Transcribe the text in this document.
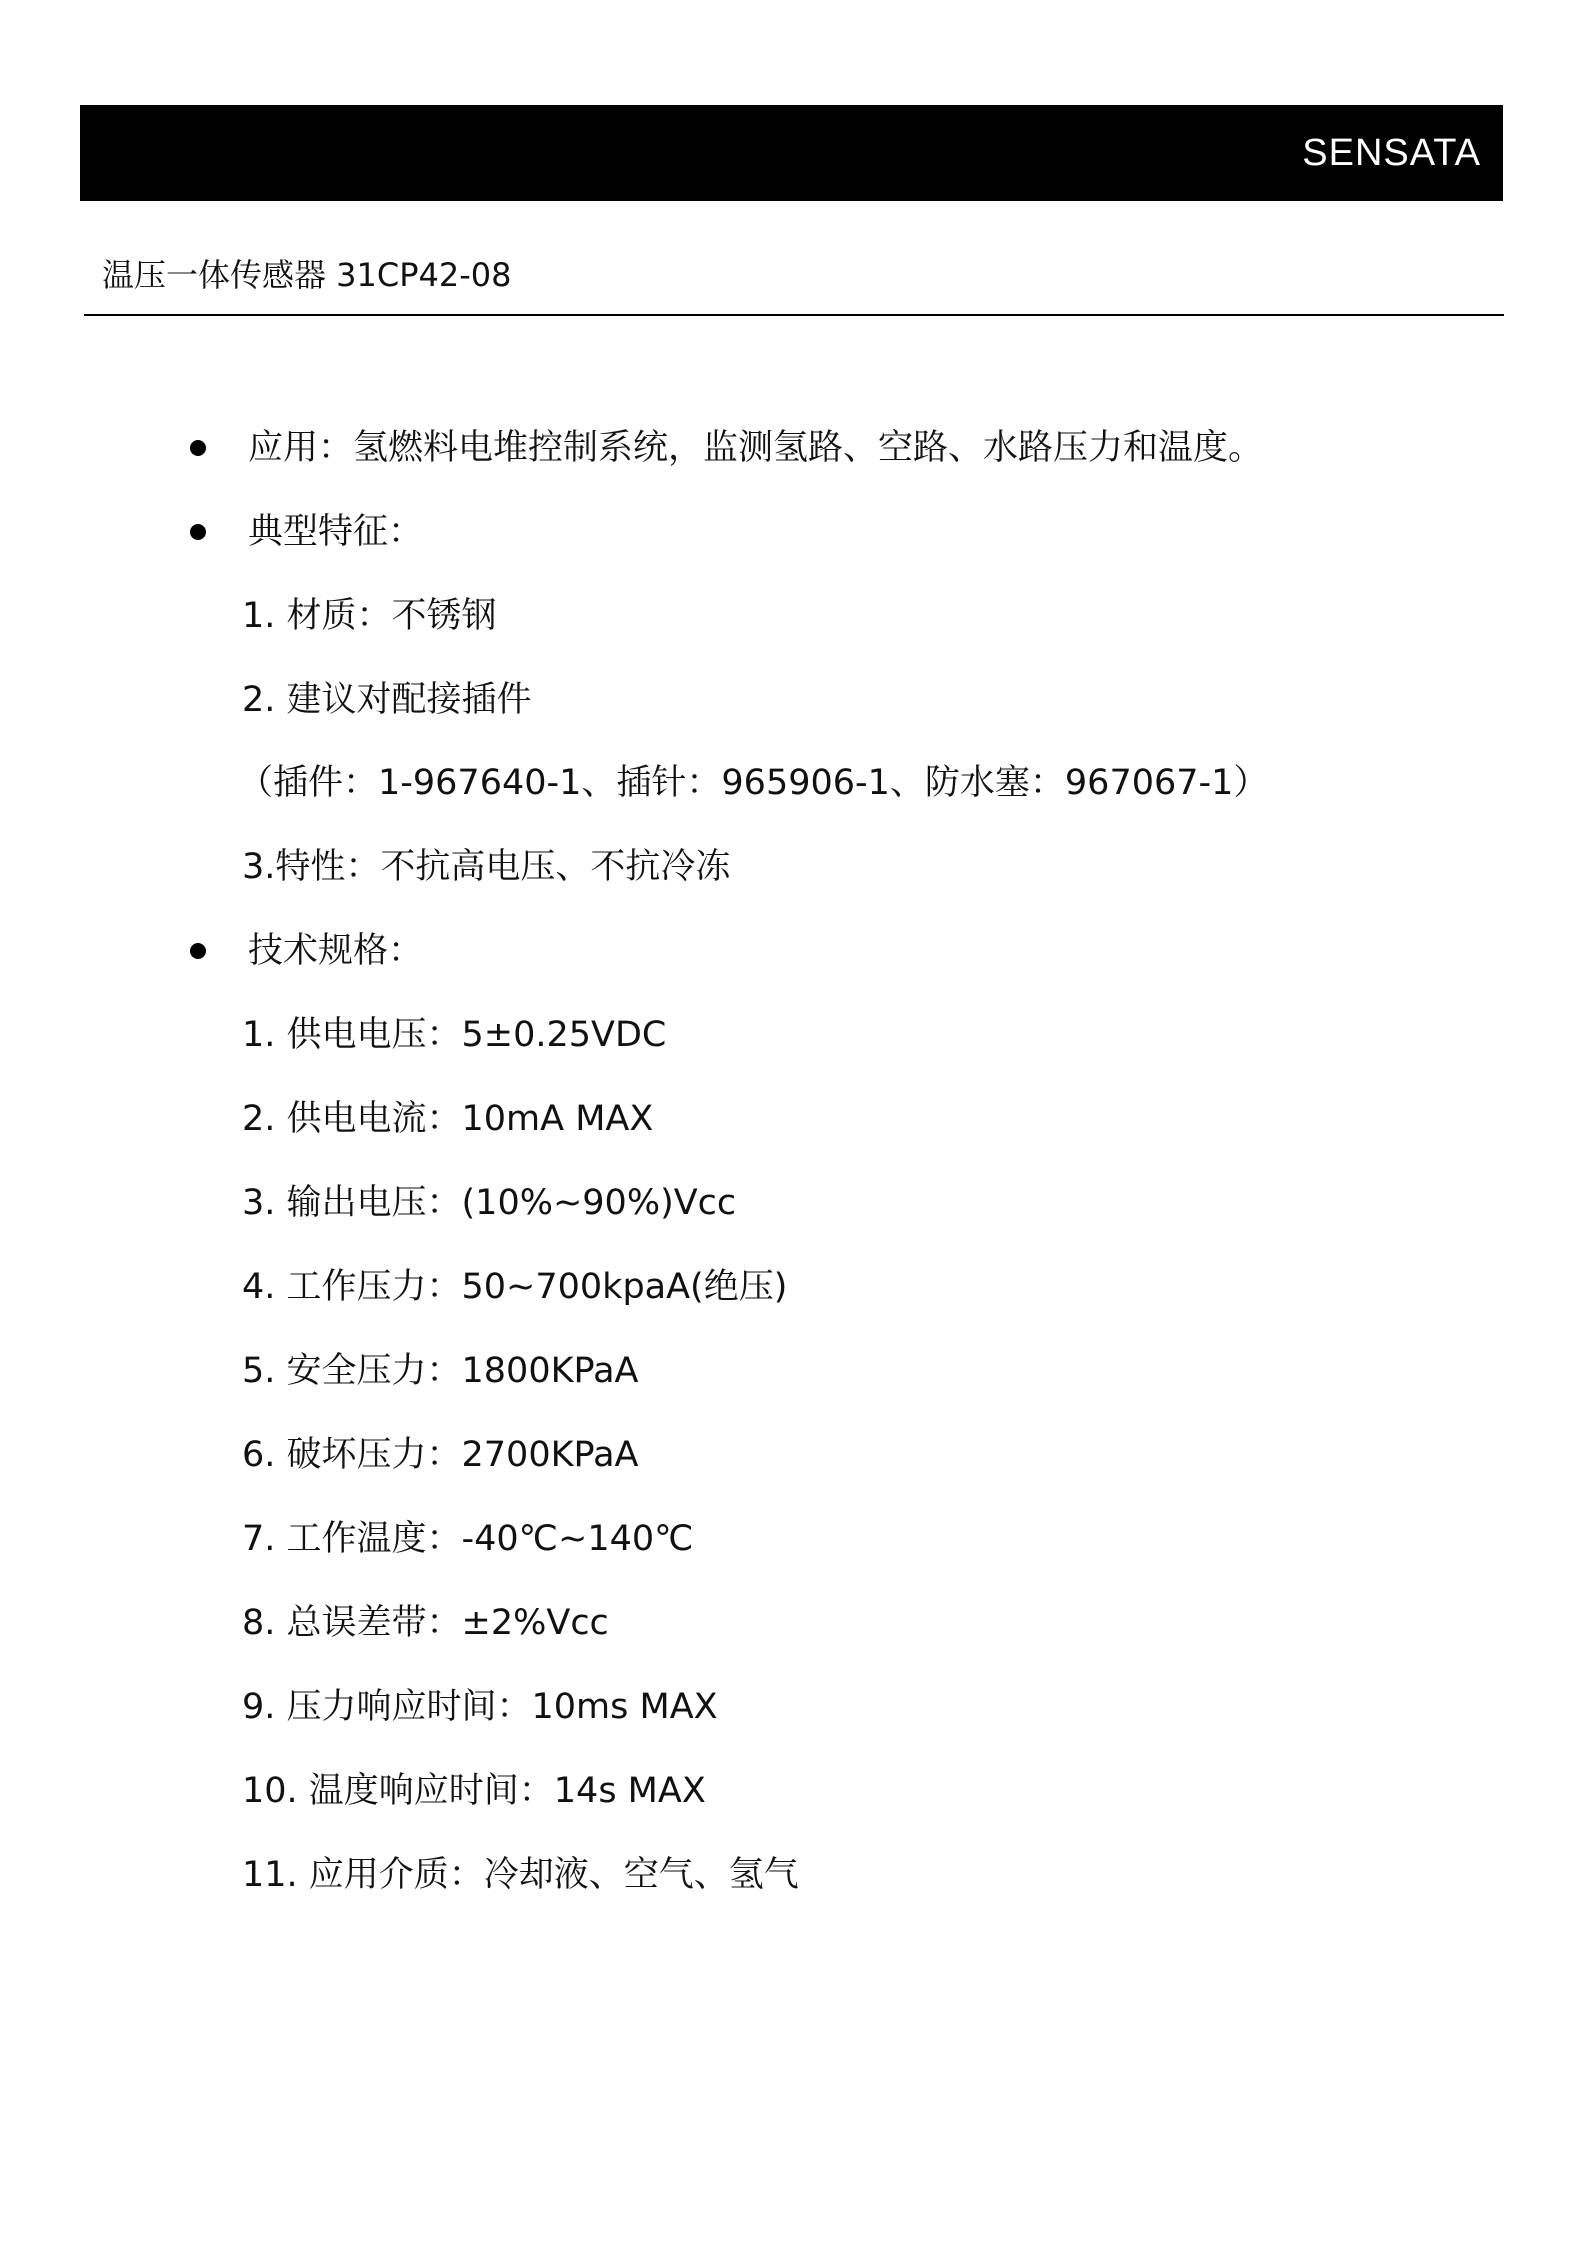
SENSATA
温压一体传感器 31CP42-08
应用：氢燃料电堆控制系统，监测氢路、空路、水路压力和温度。
典型特征：
1. 材质：不锈钢
2. 建议对配接插件
（插件：1-967640-1、插针：965906-1、防水塞：967067-1）
3.特性：不抗高电压、不抗冷冻
技术规格：
1. 供电电压：5±0.25VDC
2. 供电电流：10mA MAX
3. 输出电压：(10%~90%)Vcc
4. 工作压力：50~700kpaA(绝压)
5. 安全压力：1800KPaA
6. 破坏压力：2700KPaA
7. 工作温度：-40℃~140℃
8. 总误差带：±2%Vcc
9. 压力响应时间：10ms MAX
10. 温度响应时间：14s MAX
11. 应用介质：冷却液、空气、氢气
